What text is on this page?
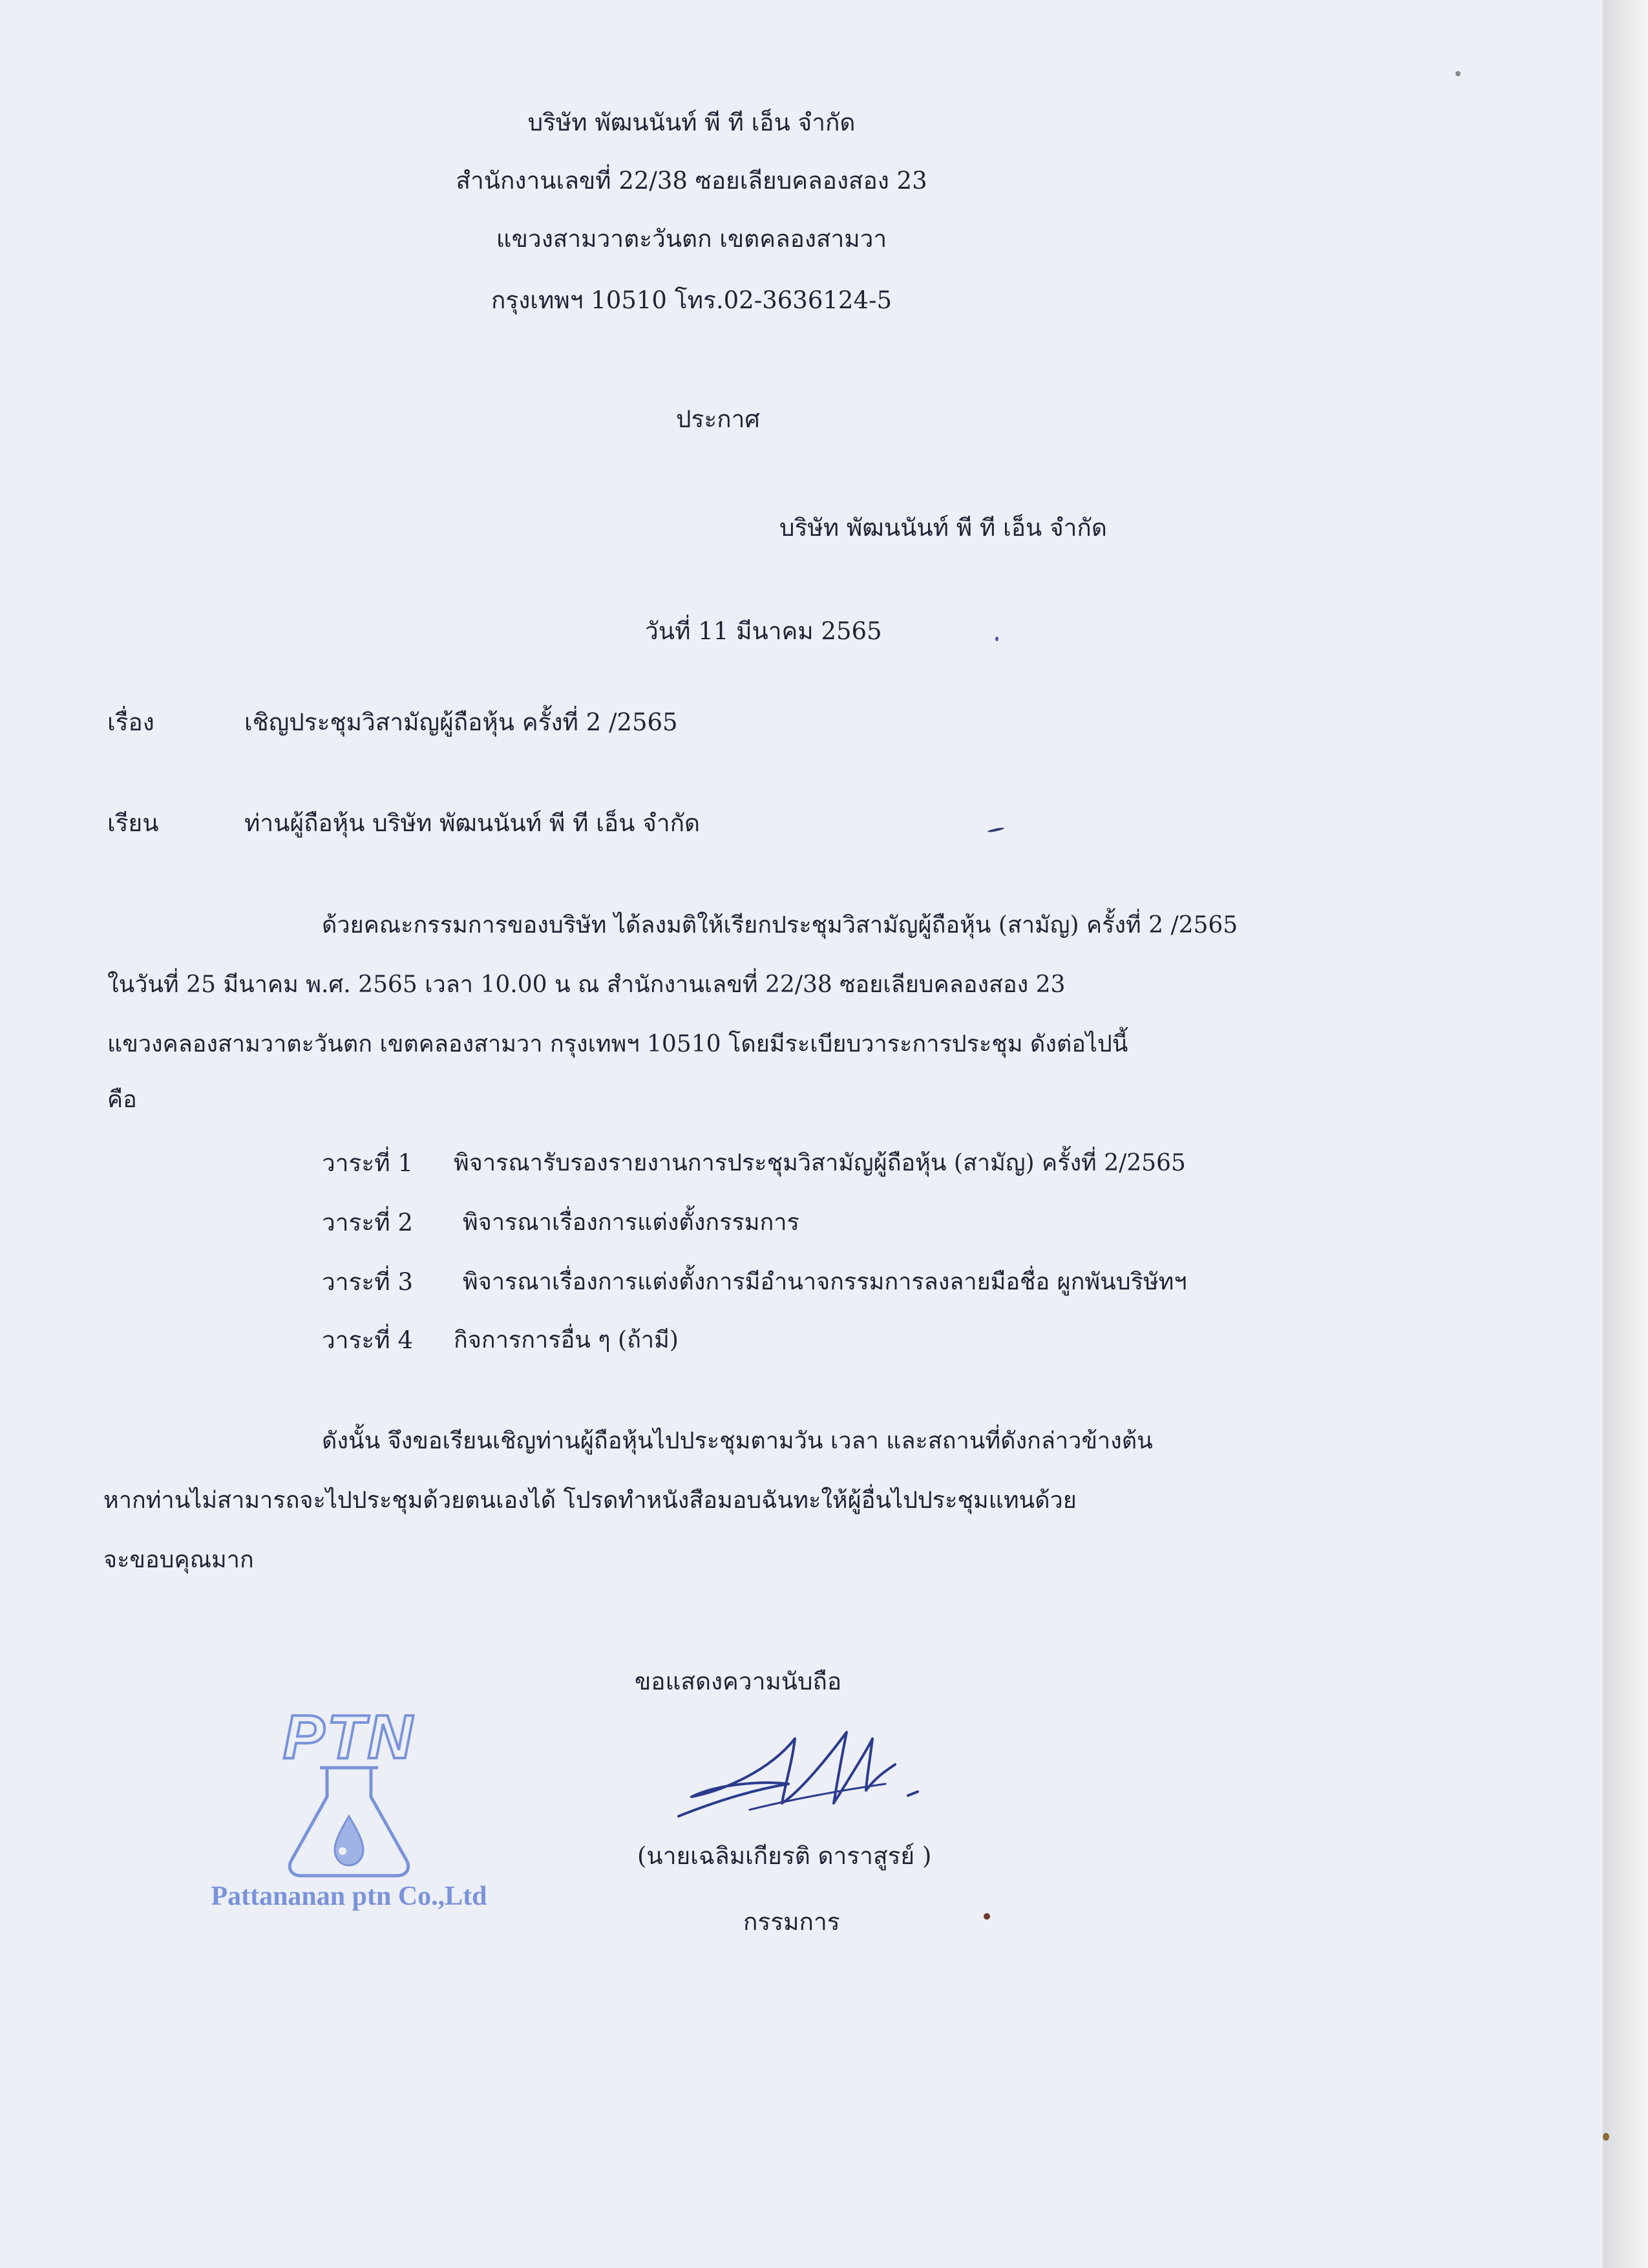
บริษัท พัฒนนันท์ พี ที เอ็น จำกัด
สำนักงานเลขที่ 22/38 ซอยเลียบคลองสอง 23
แขวงสามวาตะวันตก เขตคลองสามวา
กรุงเทพฯ 10510 โทร.02-3636124-5
ประกาศ
บริษัท พัฒนนันท์ พี ที เอ็น จำกัด
วันที่ 11 มีนาคม 2565
เรื่อง	เชิญประชุมวิสามัญผู้ถือหุ้น ครั้งที่ 2 /2565
เรียน	ท่านผู้ถือหุ้น บริษัท พัฒนนันท์ พี ที เอ็น จำกัด
ด้วยคณะกรรมการของบริษัท ได้ลงมติให้เรียกประชุมวิสามัญผู้ถือหุ้น (สามัญ) ครั้งที่ 2 /2565
ในวันที่ 25 มีนาคม พ.ศ. 2565 เวลา 10.00 น ณ สำนักงานเลขที่ 22/38 ซอยเลียบคลองสอง 23
แขวงคลองสามวาตะวันตก เขตคลองสามวา กรุงเทพฯ 10510 โดยมีระเบียบวาระการประชุม ดังต่อไปนี้
คือ
วาระที่ 1 พิจารณารับรองรายงานการประชุมวิสามัญผู้ถือหุ้น (สามัญ) ครั้งที่ 2/2565
วาระที่ 2 พิจารณาเรื่องการแต่งตั้งกรรมการ
วาระที่ 3 พิจารณาเรื่องการแต่งตั้งการมีอำนาจกรรมการลงลายมือชื่อ ผูกพันบริษัทฯ
วาระที่ 4 กิจการการอื่น ๆ (ถ้ามี)
ดังนั้น จึงขอเรียนเชิญท่านผู้ถือหุ้นไปประชุมตามวัน เวลา และสถานที่ดังกล่าวข้างต้น
หากท่านไม่สามารถจะไปประชุมด้วยตนเองได้ โปรดทำหนังสือมอบฉันทะให้ผู้อื่นไปประชุมแทนด้วย
จะขอบคุณมาก
ขอแสดงความนับถือ
(นายเฉลิมเกียรติ ดาราสูรย์ )
กรรมการ
PTN
Pattananan ptn Co.,Ltd
